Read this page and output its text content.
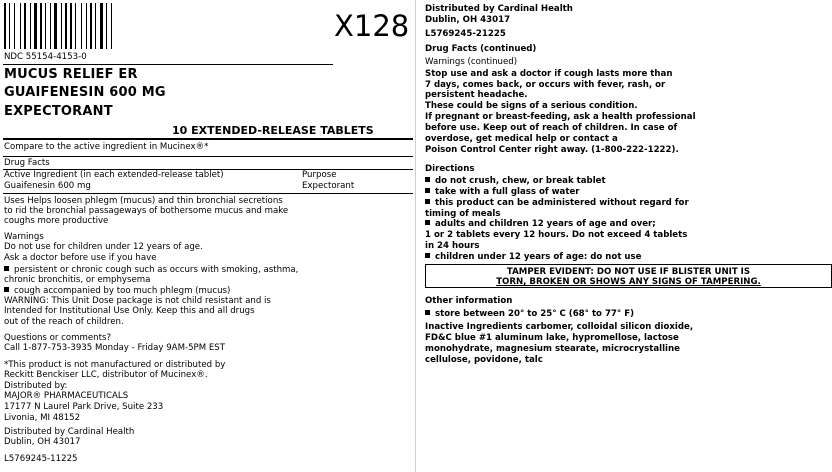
X128
NDC 55154-4153-0
MUCUS RELIEF ER
GUAIFENESIN 600 MG
EXPECTORANT
10 EXTENDED-RELEASE TABLETS
Compare to the active ingredient in Mucinex®*
Drug Facts
Active Ingredient (in each extended-release tablet)	Purpose
Guaifenesin 600 mg	Expectorant
Uses Helps loosen phlegm (mucus) and thin bronchial secretions
to rid the bronchial passageways of bothersome mucus and make
coughs more productive
Warnings
Do not use for children under 12 years of age.
Ask a doctor before use if you have
persistent or chronic cough such as occurs with smoking, asthma,
chronic bronchitis, or emphysema
cough accompanied by too much phlegm (mucus)
WARNING: This Unit Dose package is not child resistant and is
Intended for Institutional Use Only. Keep this and all drugs
out of the reach of children.
Questions or comments?
Call 1-877-753-3935 Monday - Friday 9AM-5PM EST
*This product is not manufactured or distributed by
Reckitt Benckiser LLC, distributor of Mucinex®.
Distributed by:
MAJOR® PHARMACEUTICALS
17177 N Laurel Park Drive, Suite 233
Livonia, MI 48152
Distributed by Cardinal Health
Dublin, OH 43017
L5769245-11225
Distributed by Cardinal Health
Dublin, OH 43017
L5769245-21225
Drug Facts (continued)
Warnings (continued)
Stop use and ask a doctor if cough lasts more than
7 days, comes back, or occurs with fever, rash, or
persistent headache.
These could be signs of a serious condition.
If pregnant or breast-feeding, ask a health professional
before use. Keep out of reach of children. In case of
overdose, get medical help or contact a
Poison Control Center right away. (1-800-222-1222).
Directions
do not crush, chew, or break tablet
take with a full glass of water
this product can be administered without regard for
timing of meals
adults and children 12 years of age and over;
1 or 2 tablets every 12 hours. Do not exceed 4 tablets
in 24 hours
children under 12 years of age: do not use
TAMPER EVIDENT: DO NOT USE IF BLISTER UNIT IS
TORN, BROKEN OR SHOWS ANY SIGNS OF TAMPERING.
Other information
store between 20° to 25° C (68° to 77° F)
Inactive Ingredients carbomer, colloidal silicon dioxide,
FD&C blue #1 aluminum lake, hypromellose, lactose
monohydrate, magnesium stearate, microcrystalline
cellulose, povidone, talc
